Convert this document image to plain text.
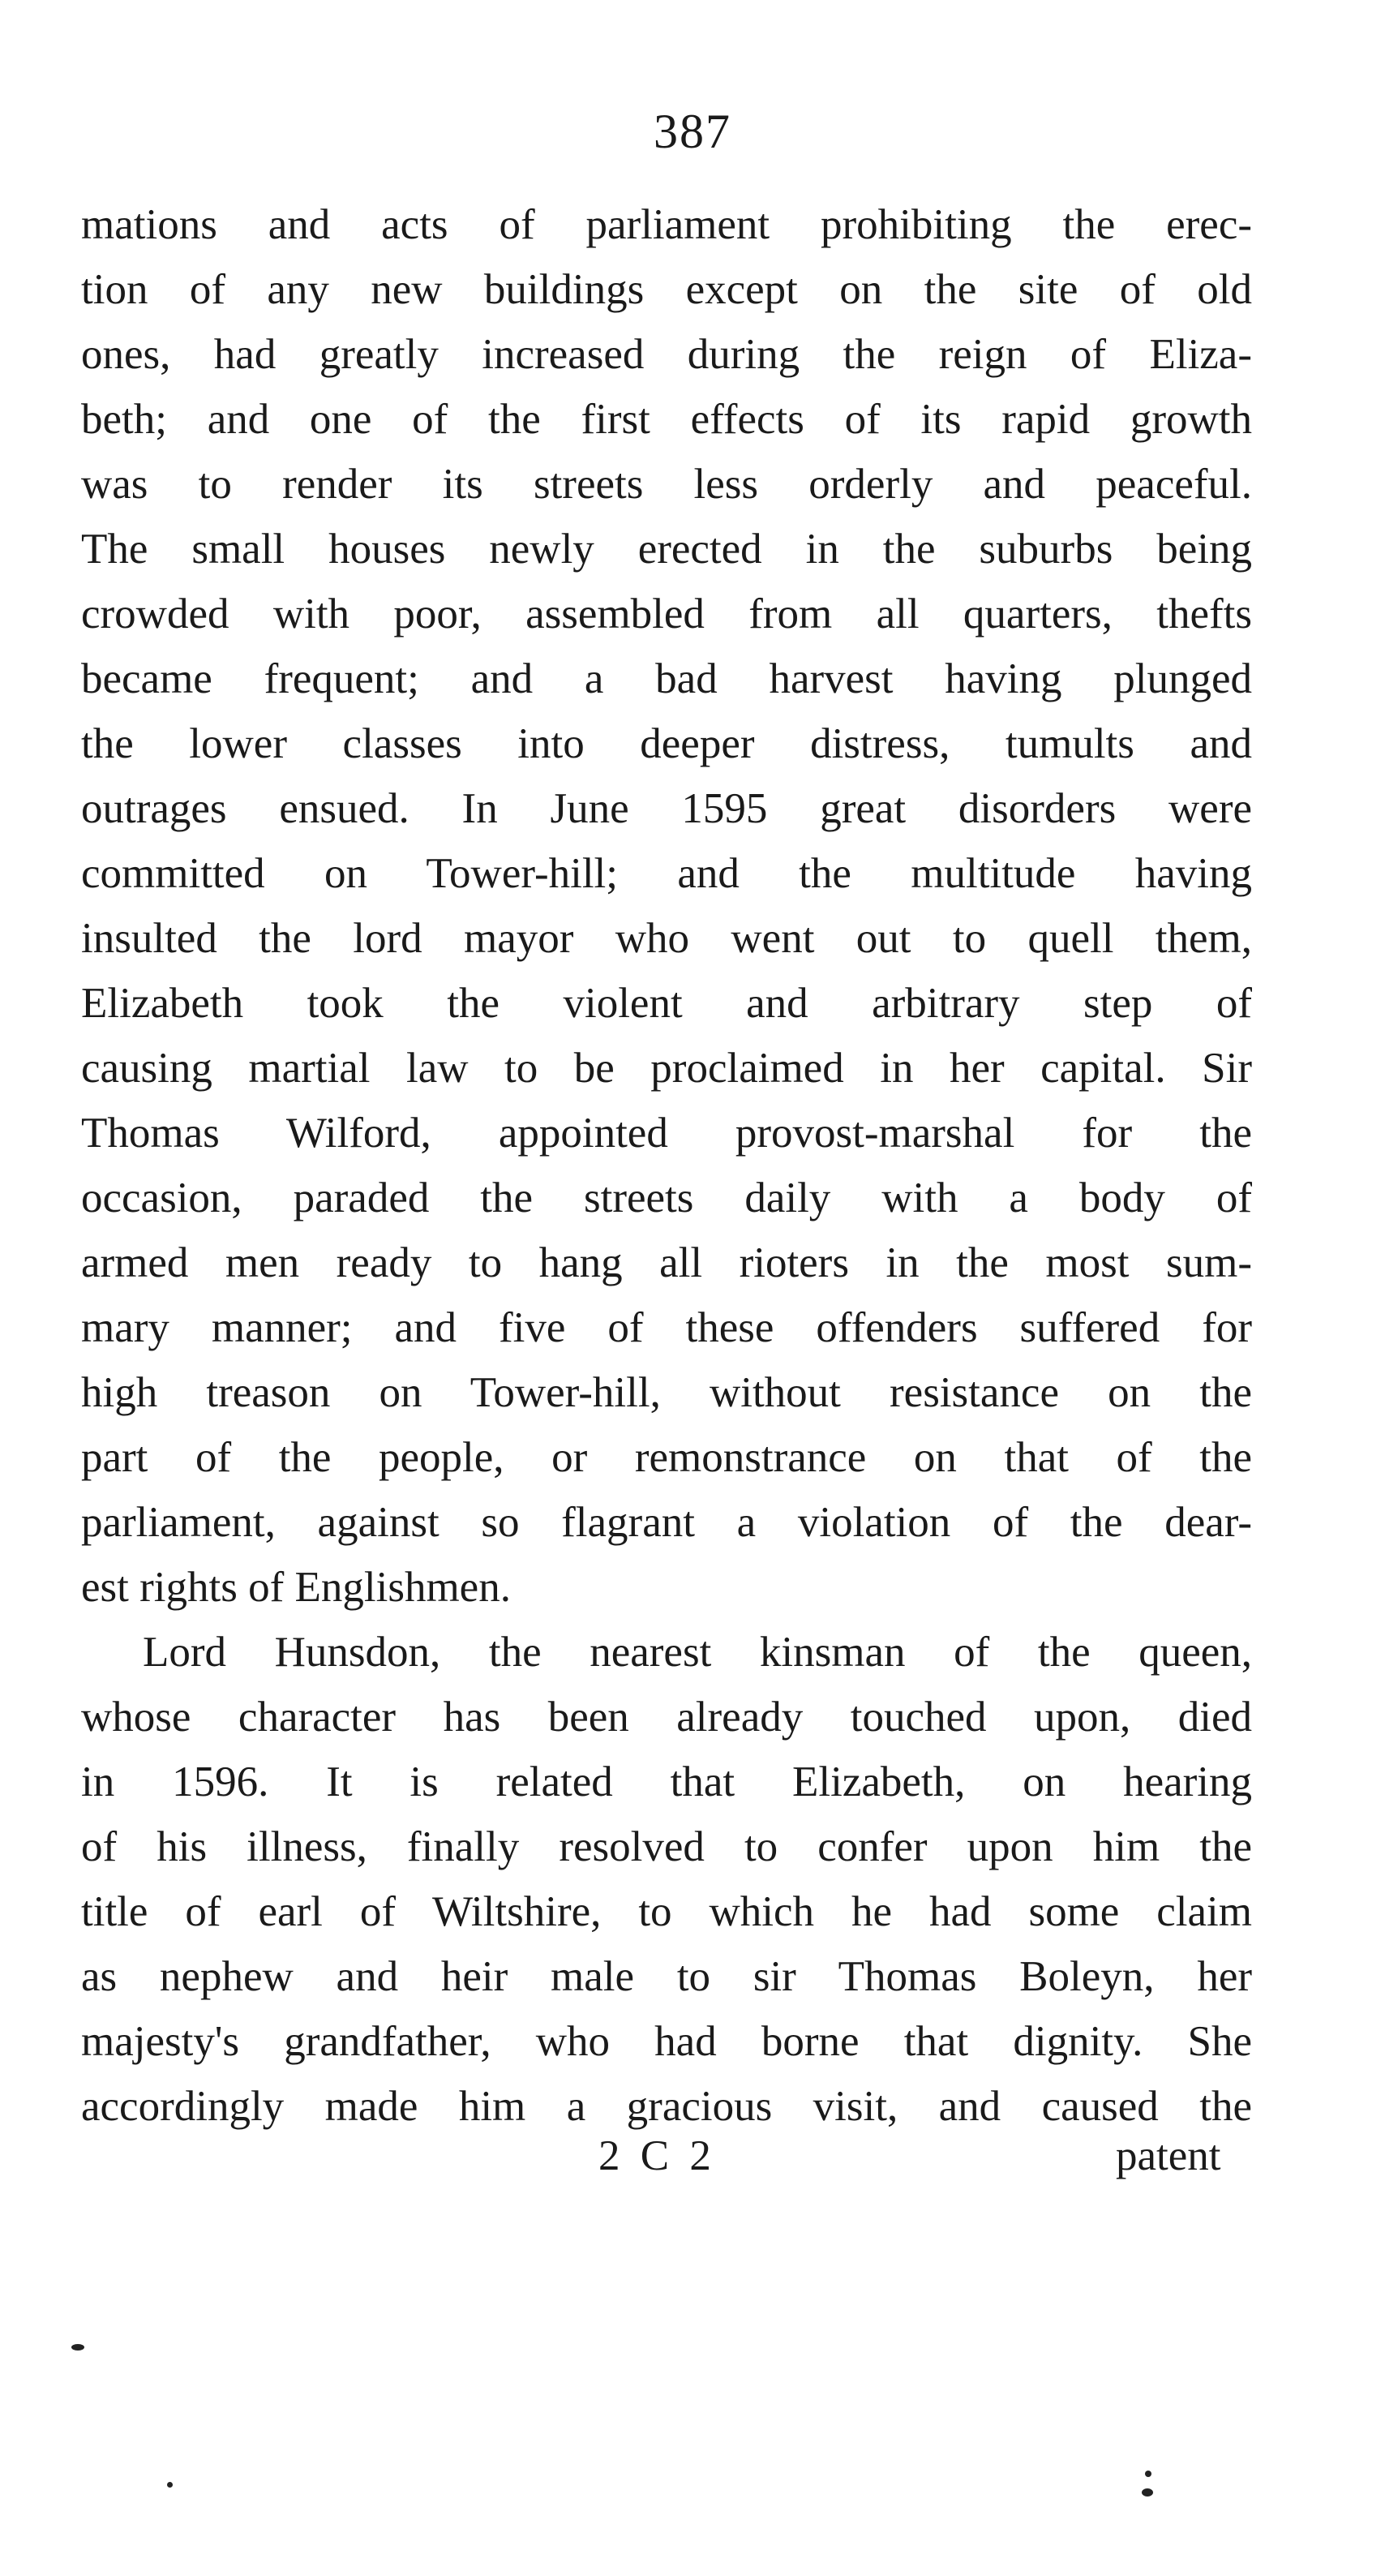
387
mations and acts of parliament prohibiting the erec-
tion of any new buildings except on the site of old
ones, had greatly increased during the reign of Eliza-
beth; and one of the first effects of its rapid growth
was to render its streets less orderly and peaceful.
The small houses newly erected in the suburbs being
crowded with poor, assembled from all quarters, thefts
became frequent; and a bad harvest having plunged
the lower classes into deeper distress, tumults and
outrages ensued. In June 1595 great disorders were
committed on Tower-hill; and the multitude having
insulted the lord mayor who went out to quell them,
Elizabeth took the violent and arbitrary step of
causing martial law to be proclaimed in her capital. Sir
Thomas Wilford, appointed provost-marshal for the
occasion, paraded the streets daily with a body of
armed men ready to hang all rioters in the most sum-
mary manner; and five of these offenders suffered for
high treason on Tower-hill, without resistance on the
part of the people, or remonstrance on that of the
parliament, against so flagrant a violation of the dear-
est rights of Englishmen.
Lord Hunsdon, the nearest kinsman of the queen,
whose character has been already touched upon, died
in 1596. It is related that Elizabeth, on hearing
of his illness, finally resolved to confer upon him the
title of earl of Wiltshire, to which he had some claim
as nephew and heir male to sir Thomas Boleyn, her
majesty's grandfather, who had borne that dignity. She
accordingly made him a gracious visit, and caused the
2 C 2	patent
